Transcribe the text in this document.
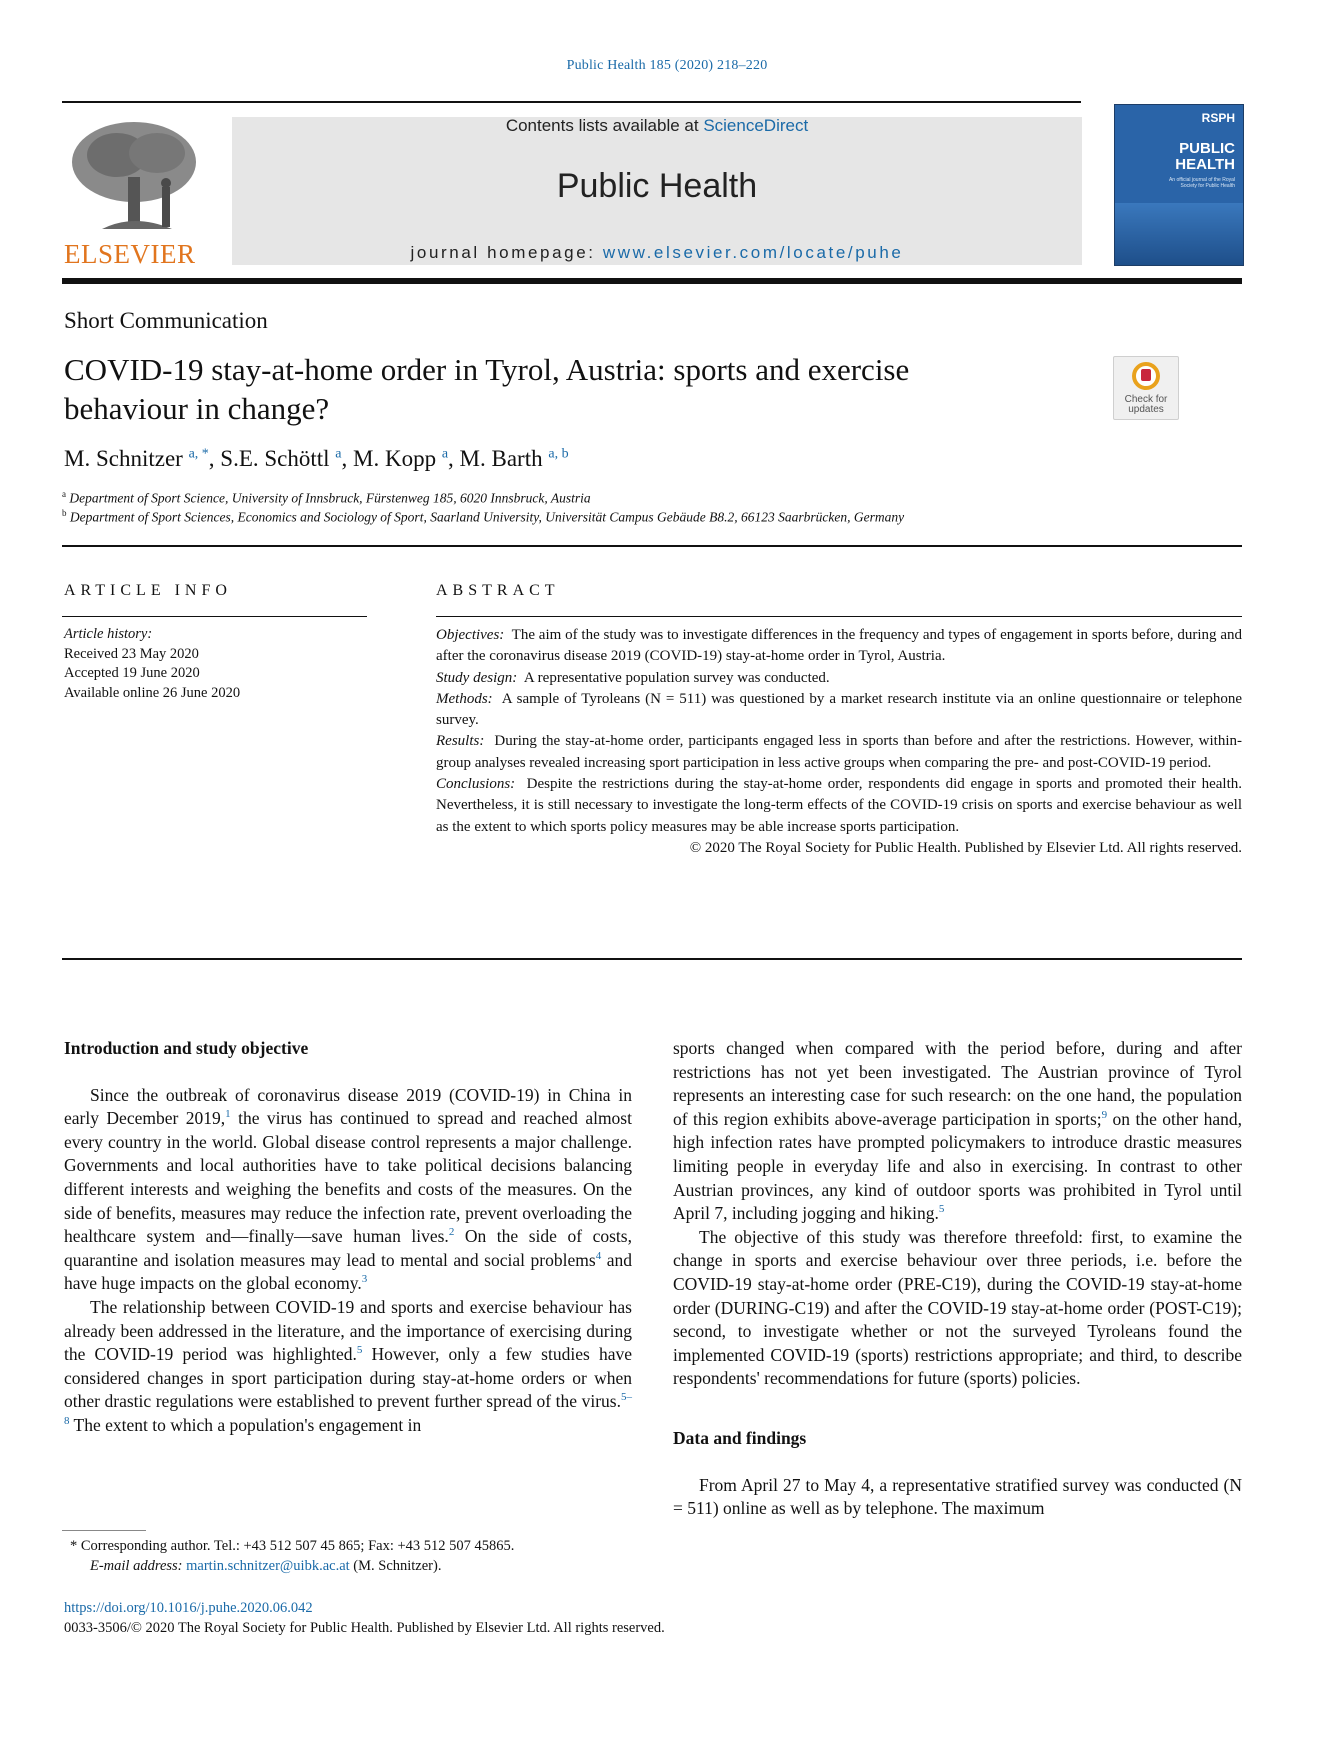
Public Health 185 (2020) 218–220
ELSEVIER
Contents lists available at ScienceDirect
Public Health
journal homepage: www.elsevier.com/locate/puhe
RSPH
PUBLIC
HEALTH
An official journal of the Royal Society for Public Health
Short Communication
COVID-19 stay-at-home order in Tyrol, Austria: sports and exercise
behaviour in change?	Check for
updates
M. Schnitzer $^{a, *}$, S.E. Schöttl $^a$, M. Kopp $^a$, M. Barth $^{a, b}$
$^a$ Department of Sport Science, University of Innsbruck, Fürstenweg 185, 6020 Innsbruck, Austria
$^b$ Department of Sport Sciences, Economics and Sociology of Sport, Saarland University, Universität Campus Gebäude B8.2, 66123 Saarbrücken, Germany
ARTICLE INFO
Article history:
Received 23 May 2020
Accepted 19 June 2020
Available online 26 June 2020
ABSTRACT

Objectives: The aim of the study was to investigate differences in the frequency and types of engagement in sports before, during and after the coronavirus disease 2019 (COVID-19) stay-at-home order in Tyrol, Austria.

Study design: A representative population survey was conducted.

Methods: A sample of Tyroleans (N = 511) was questioned by a market research institute via an online questionnaire or telephone survey.

Results: During the stay-at-home order, participants engaged less in sports than before and after the restrictions. However, within-group analyses revealed increasing sport participation in less active groups when comparing the pre- and post-COVID-19 period.

Conclusions: Despite the restrictions during the stay-at-home order, respondents did engage in sports and promoted their health. Nevertheless, it is still necessary to investigate the long-term effects of the COVID-19 crisis on sports and exercise behaviour as well as the extent to which sports policy measures may be able increase sports participation.

© 2020 The Royal Society for Public Health. Published by Elsevier Ltd. All rights reserved.

Introduction and study objective

Since the outbreak of coronavirus disease 2019 (COVID-19) in China in early December 2019,$^1$ the virus has continued to spread and reached almost every country in the world. Global disease control represents a major challenge. Governments and local authorities have to take political decisions balancing different interests and weighing the benefits and costs of the measures. On the side of benefits, measures may reduce the infection rate, prevent overloading the healthcare system and—finally—save human lives.$^2$ On the side of costs, quarantine and isolation measures may lead to mental and social problems$^4$ and have huge impacts on the global economy.$^3$

The relationship between COVID-19 and sports and exercise behaviour has already been addressed in the literature, and the importance of exercising during the COVID-19 period was highlighted.$^5$ However, only a few studies have considered changes in sport participation during stay-at-home orders or when other drastic regulations were established to prevent further spread of the virus.$^{5-8}$ The extent to which a population's engagement in

sports changed when compared with the period before, during and after restrictions has not yet been investigated. The Austrian province of Tyrol represents an interesting case for such research: on the one hand, the population of this region exhibits above-average participation in sports;$^9$ on the other hand, high infection rates have prompted policymakers to introduce drastic measures limiting people in everyday life and also in exercising. In contrast to other Austrian provinces, any kind of outdoor sports was prohibited in Tyrol until April 7, including jogging and hiking.$^5$

The objective of this study was therefore threefold: first, to examine the change in sports and exercise behaviour over three periods, i.e. before the COVID-19 stay-at-home order (PRE-C19), during the COVID-19 stay-at-home order (DURING-C19) and after the COVID-19 stay-at-home order (POST-C19); second, to investigate whether or not the surveyed Tyroleans found the implemented COVID-19 (sports) restrictions appropriate; and third, to describe respondents' recommendations for future (sports) policies.

Data and findings

From April 27 to May 4, a representative stratified survey was conducted (N = 511) online as well as by telephone. The maximum

* Corresponding author. Tel.: +43 512 507 45 865; Fax: +43 512 507 45865.
E-mail address: martin.schnitzer@uibk.ac.at (M. Schnitzer).
https://doi.org/10.1016/j.puhe.2020.06.042
0033-3506/© 2020 The Royal Society for Public Health. Published by Elsevier Ltd. All rights reserved.
